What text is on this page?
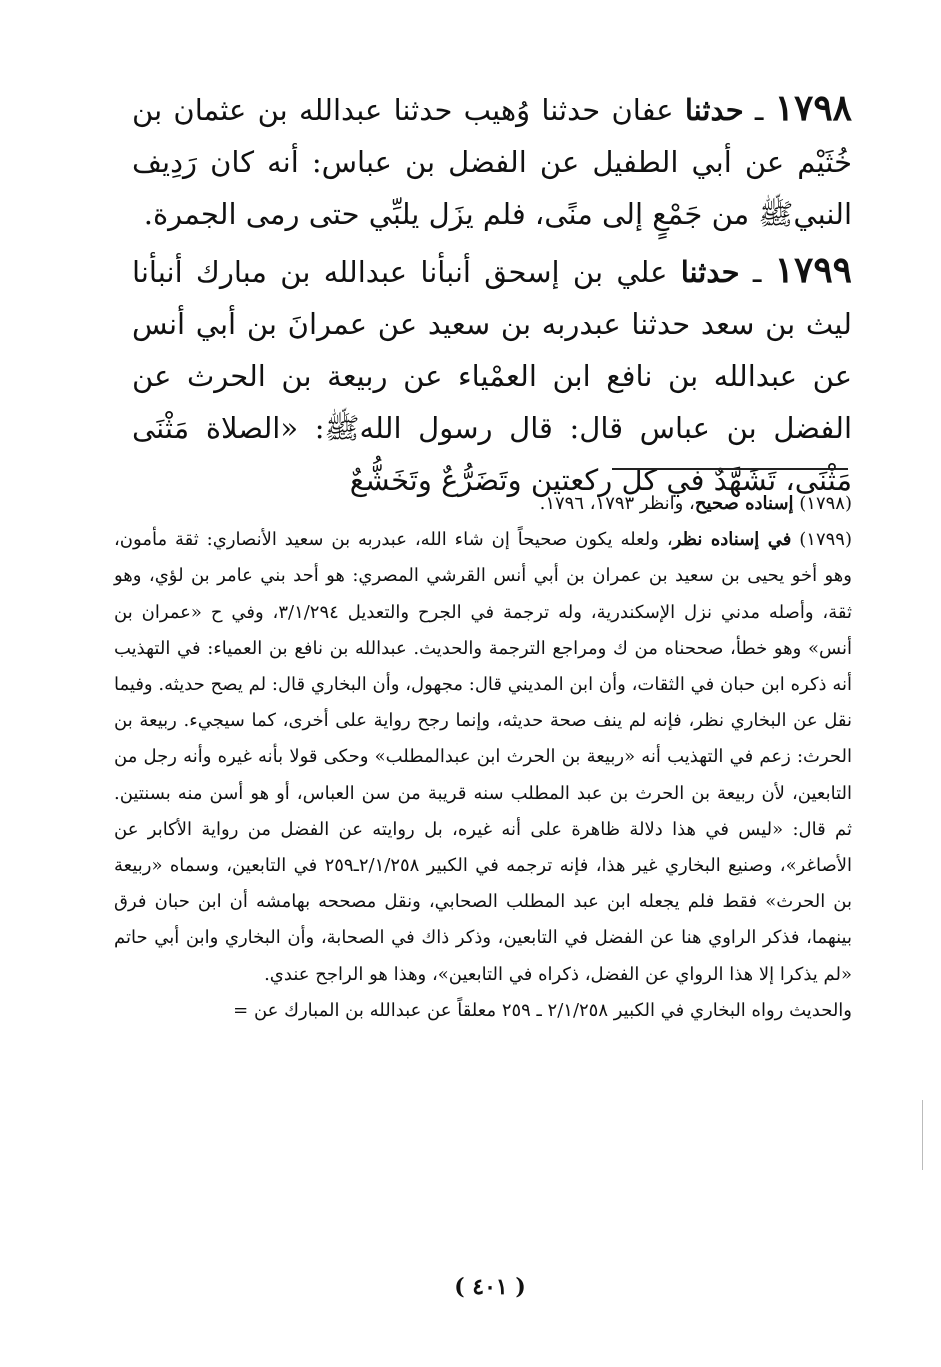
١٧٩٨ ـ حدثنا عفان حدثنا وُهيب حدثنا عبدالله بن عثمان بن خُثَيْم عن أبي الطفيل عن الفضل بن عباس: أنه كان رَدِيف النبيﷺ من جَمْعٍ إلى منًى، فلم يزَل يلبِّي حتى رمى الجمرة.

١٧٩٩ ـ حدثنا علي بن إسحق أنبأنا عبدالله بن مبارك أنبأنا ليث بن سعد حدثنا عبدربه بن سعيد عن عمرانَ بن أبي أنس عن عبدالله بن نافع ابن العمْياء عن ربيعة بن الحرث عن الفضل بن عباس قال: قال رسول اللهﷺ: «الصلاة مَثْنَى مَثْنَى، تَشَهَّدٌ في كل ركعتين وتَضَرُّعٌ وتَخَشُّعٌ

(١٧٩٨) إسناده صحيح، وانظر ١٧٩٣، ١٧٩٦.

(١٧٩٩) في إسناده نظر، ولعله يكون صحيحاً إن شاء الله، عبدربه بن سعيد الأنصاري: ثقة مأمون، وهو أخو يحيى بن سعيد بن عمران بن أبي أنس القرشي المصري: هو أحد بني عامر بن لؤي، وهو ثقة، وأصله مدني نزل الإسكندرية، وله ترجمة في الجرح والتعديل ٣/١/٢٩٤، وفي ح «عمران بن أنس» وهو خطأ، صححناه من ك ومراجع الترجمة والحديث. عبدالله بن نافع بن العمياء: في التهذيب أنه ذكره ابن حبان في الثقات، وأن ابن المديني قال: مجهول، وأن البخاري قال: لم يصح حديثه. وفيما نقل عن البخاري نظر، فإنه لم ينف صحة حديثه، وإنما رجح رواية على أخرى، كما سيجيء. ربيعة بن الحرث: زعم في التهذيب أنه «ربيعة بن الحرث ابن عبدالمطلب» وحكى قولا بأنه غيره وأنه رجل من التابعين، لأن ربيعة بن الحرث بن عبد المطلب سنه قريبة من سن العباس، أو هو أسن منه بسنتين. ثم قال: «ليس في هذا دلالة ظاهرة على أنه غيره، بل روايته عن الفضل من رواية الأكابر عن الأصاغر»، وصنيع البخاري غير هذا، فإنه ترجمه في الكبير ٢/١/٢٥٨ـ٢٥٩ في التابعين، وسماه «ربيعة بن الحرث» فقط فلم يجعله ابن عبد المطلب الصحابي، ونقل مصححه بهامشه أن ابن حبان فرق بينهما، فذكر الراوي هنا عن الفضل في التابعين، وذكر ذاك في الصحابة، وأن البخاري وابن أبي حاتم «لم يذكرا إلا هذا الرواي عن الفضل، ذكراه في التابعين»، وهذا هو الراجح عندي.

والحديث رواه البخاري في الكبير ٢/١/٢٥٨ ـ ٢٥٩ معلقاً عن عبدالله بن المبارك عن =

( ٤٠١ )
